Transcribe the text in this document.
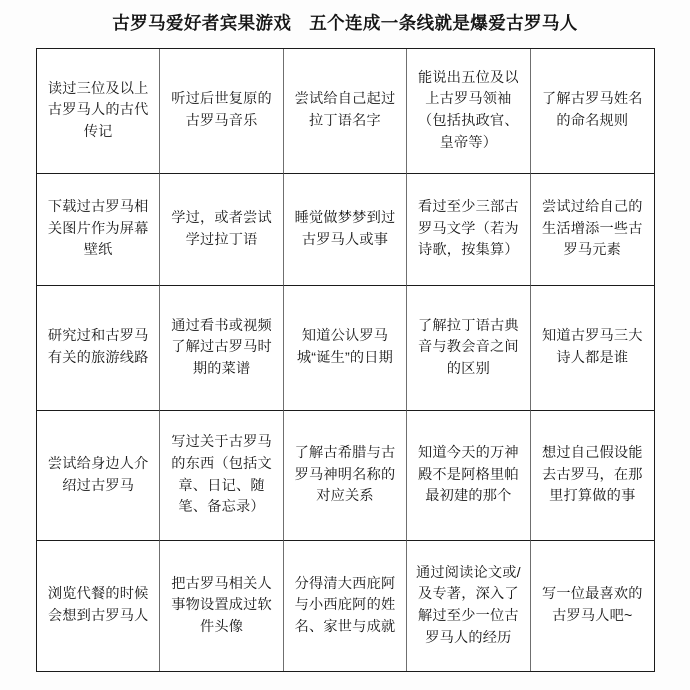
古罗马爱好者宾果游戏　五个连成一条线就是爆爱古罗马人
读过三位及以上古罗马人的古代传记
听过后世复原的古罗马音乐
尝试给自己起过拉丁语名字
能说出五位及以上古罗马领袖（包括执政官、皇帝等）
了解古罗马姓名的命名规则
下载过古罗马相关图片作为屏幕壁纸
学过，或者尝试学过拉丁语
睡觉做梦梦到过古罗马人或事
看过至少三部古罗马文学（若为诗歌，按集算）
尝试过给自己的生活增添一些古罗马元素
研究过和古罗马有关的旅游线路
通过看书或视频了解过古罗马时期的菜谱
知道公认罗马城“诞生”的日期
了解拉丁语古典音与教会音之间的区别
知道古罗马三大诗人都是谁
尝试给身边人介绍过古罗马
写过关于古罗马的东西（包括文章、日记、随笔、备忘录）
了解古希腊与古罗马神明名称的对应关系
知道今天的万神殿不是阿格里帕最初建的那个
想过自己假设能去古罗马，在那里打算做的事
浏览代餐的时候会想到古罗马人
把古罗马相关人事物设置成过软件头像
分得清大西庇阿与小西庇阿的姓名、家世与成就
通过阅读论文或/及专著，深入了解过至少一位古罗马人的经历
写一位最喜欢的古罗马人吧~
